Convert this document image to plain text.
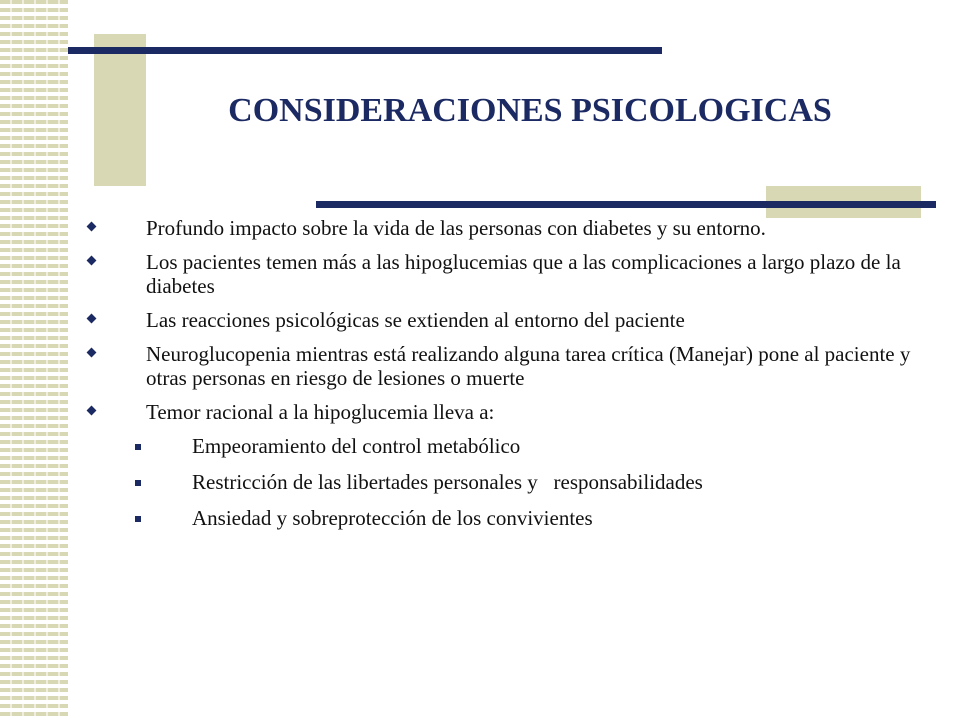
CONSIDERACIONES PSICOLOGICAS
Profundo impacto sobre la vida de las personas con diabetes y su entorno.
Los pacientes temen más a las hipoglucemias que a las complicaciones a largo plazo de la diabetes
Las reacciones psicológicas se extienden al entorno del paciente
Neuroglucopenia mientras está realizando alguna tarea crítica (Manejar) pone al paciente y otras personas en riesgo de lesiones o muerte
Temor racional a la hipoglucemia lleva a:
Empeoramiento del control metabólico
Restricción de las libertades personales y   responsabilidades
Ansiedad y sobreprotección de los convivientes
